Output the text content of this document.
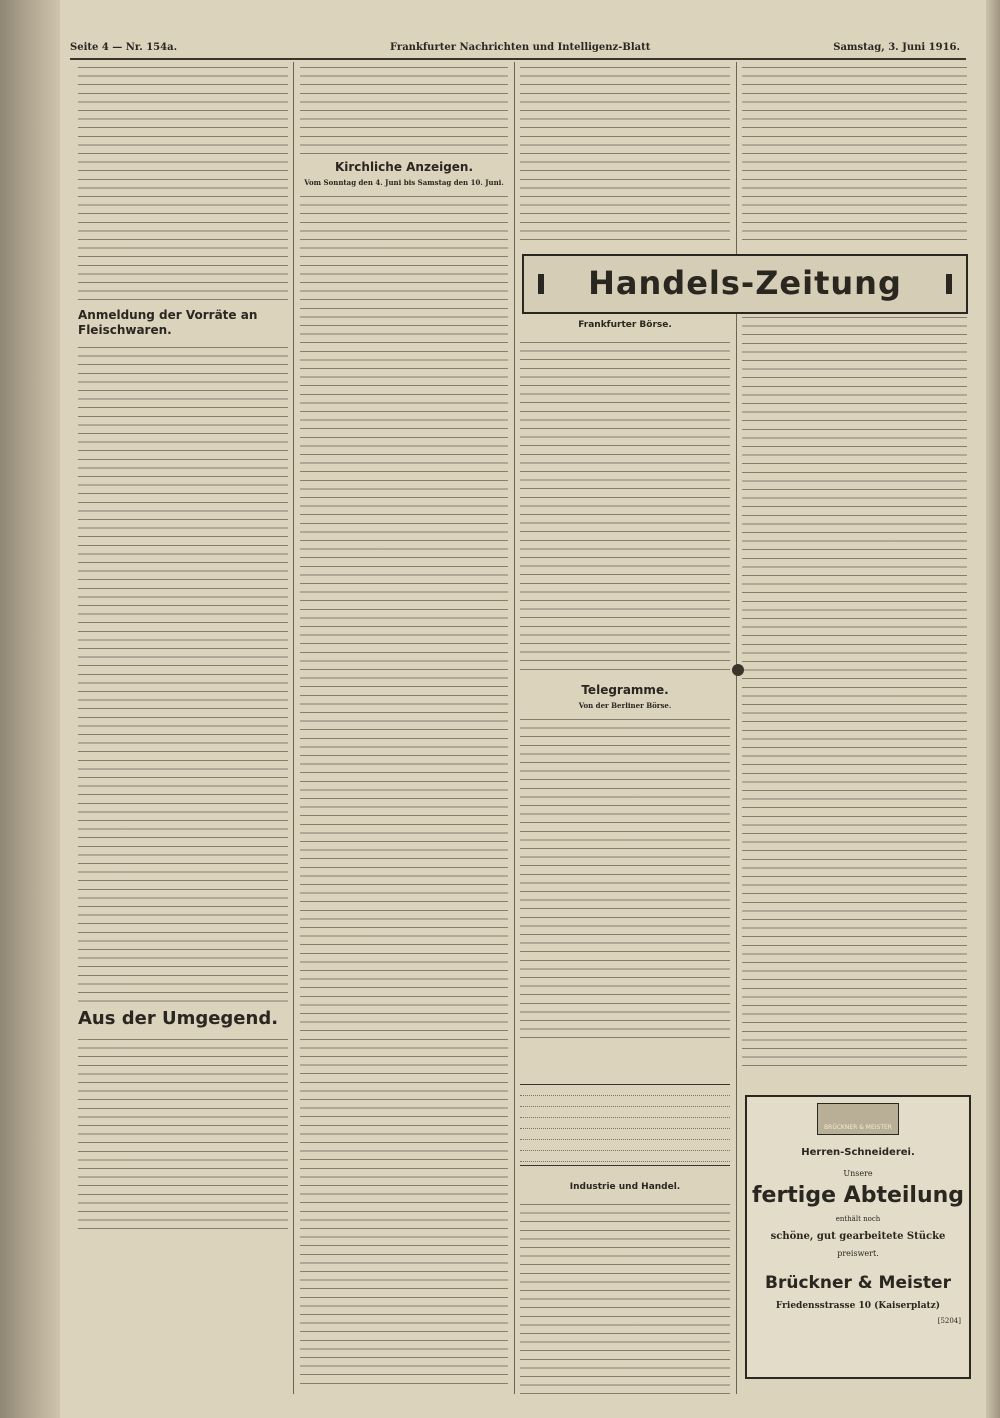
Seite 4 — Nr. 154a.	Frankfurter Nachrichten und Intelligenz-Blatt	Samstag, 3. Juni 1916.
Anmeldung der Vorräte an Fleischwaren.
Aus der Umgegend.
Kirchliche Anzeigen.
Vom Sonntag den 4. Juni bis Samstag den 10. Juni.
Frankfurter Börse.
Telegramme.
Von der Berliner Börse.
Industrie und Handel.
Handels-Zeitung
BRÜCKNER & MEISTER
Herren-Schneiderei.
Unsere
fertige Abteilung
enthält noch
schöne, gut gearbeitete Stücke
preiswert.
Brückner & Meister
Friedensstrasse 10 (Kaiserplatz)
[5204]
